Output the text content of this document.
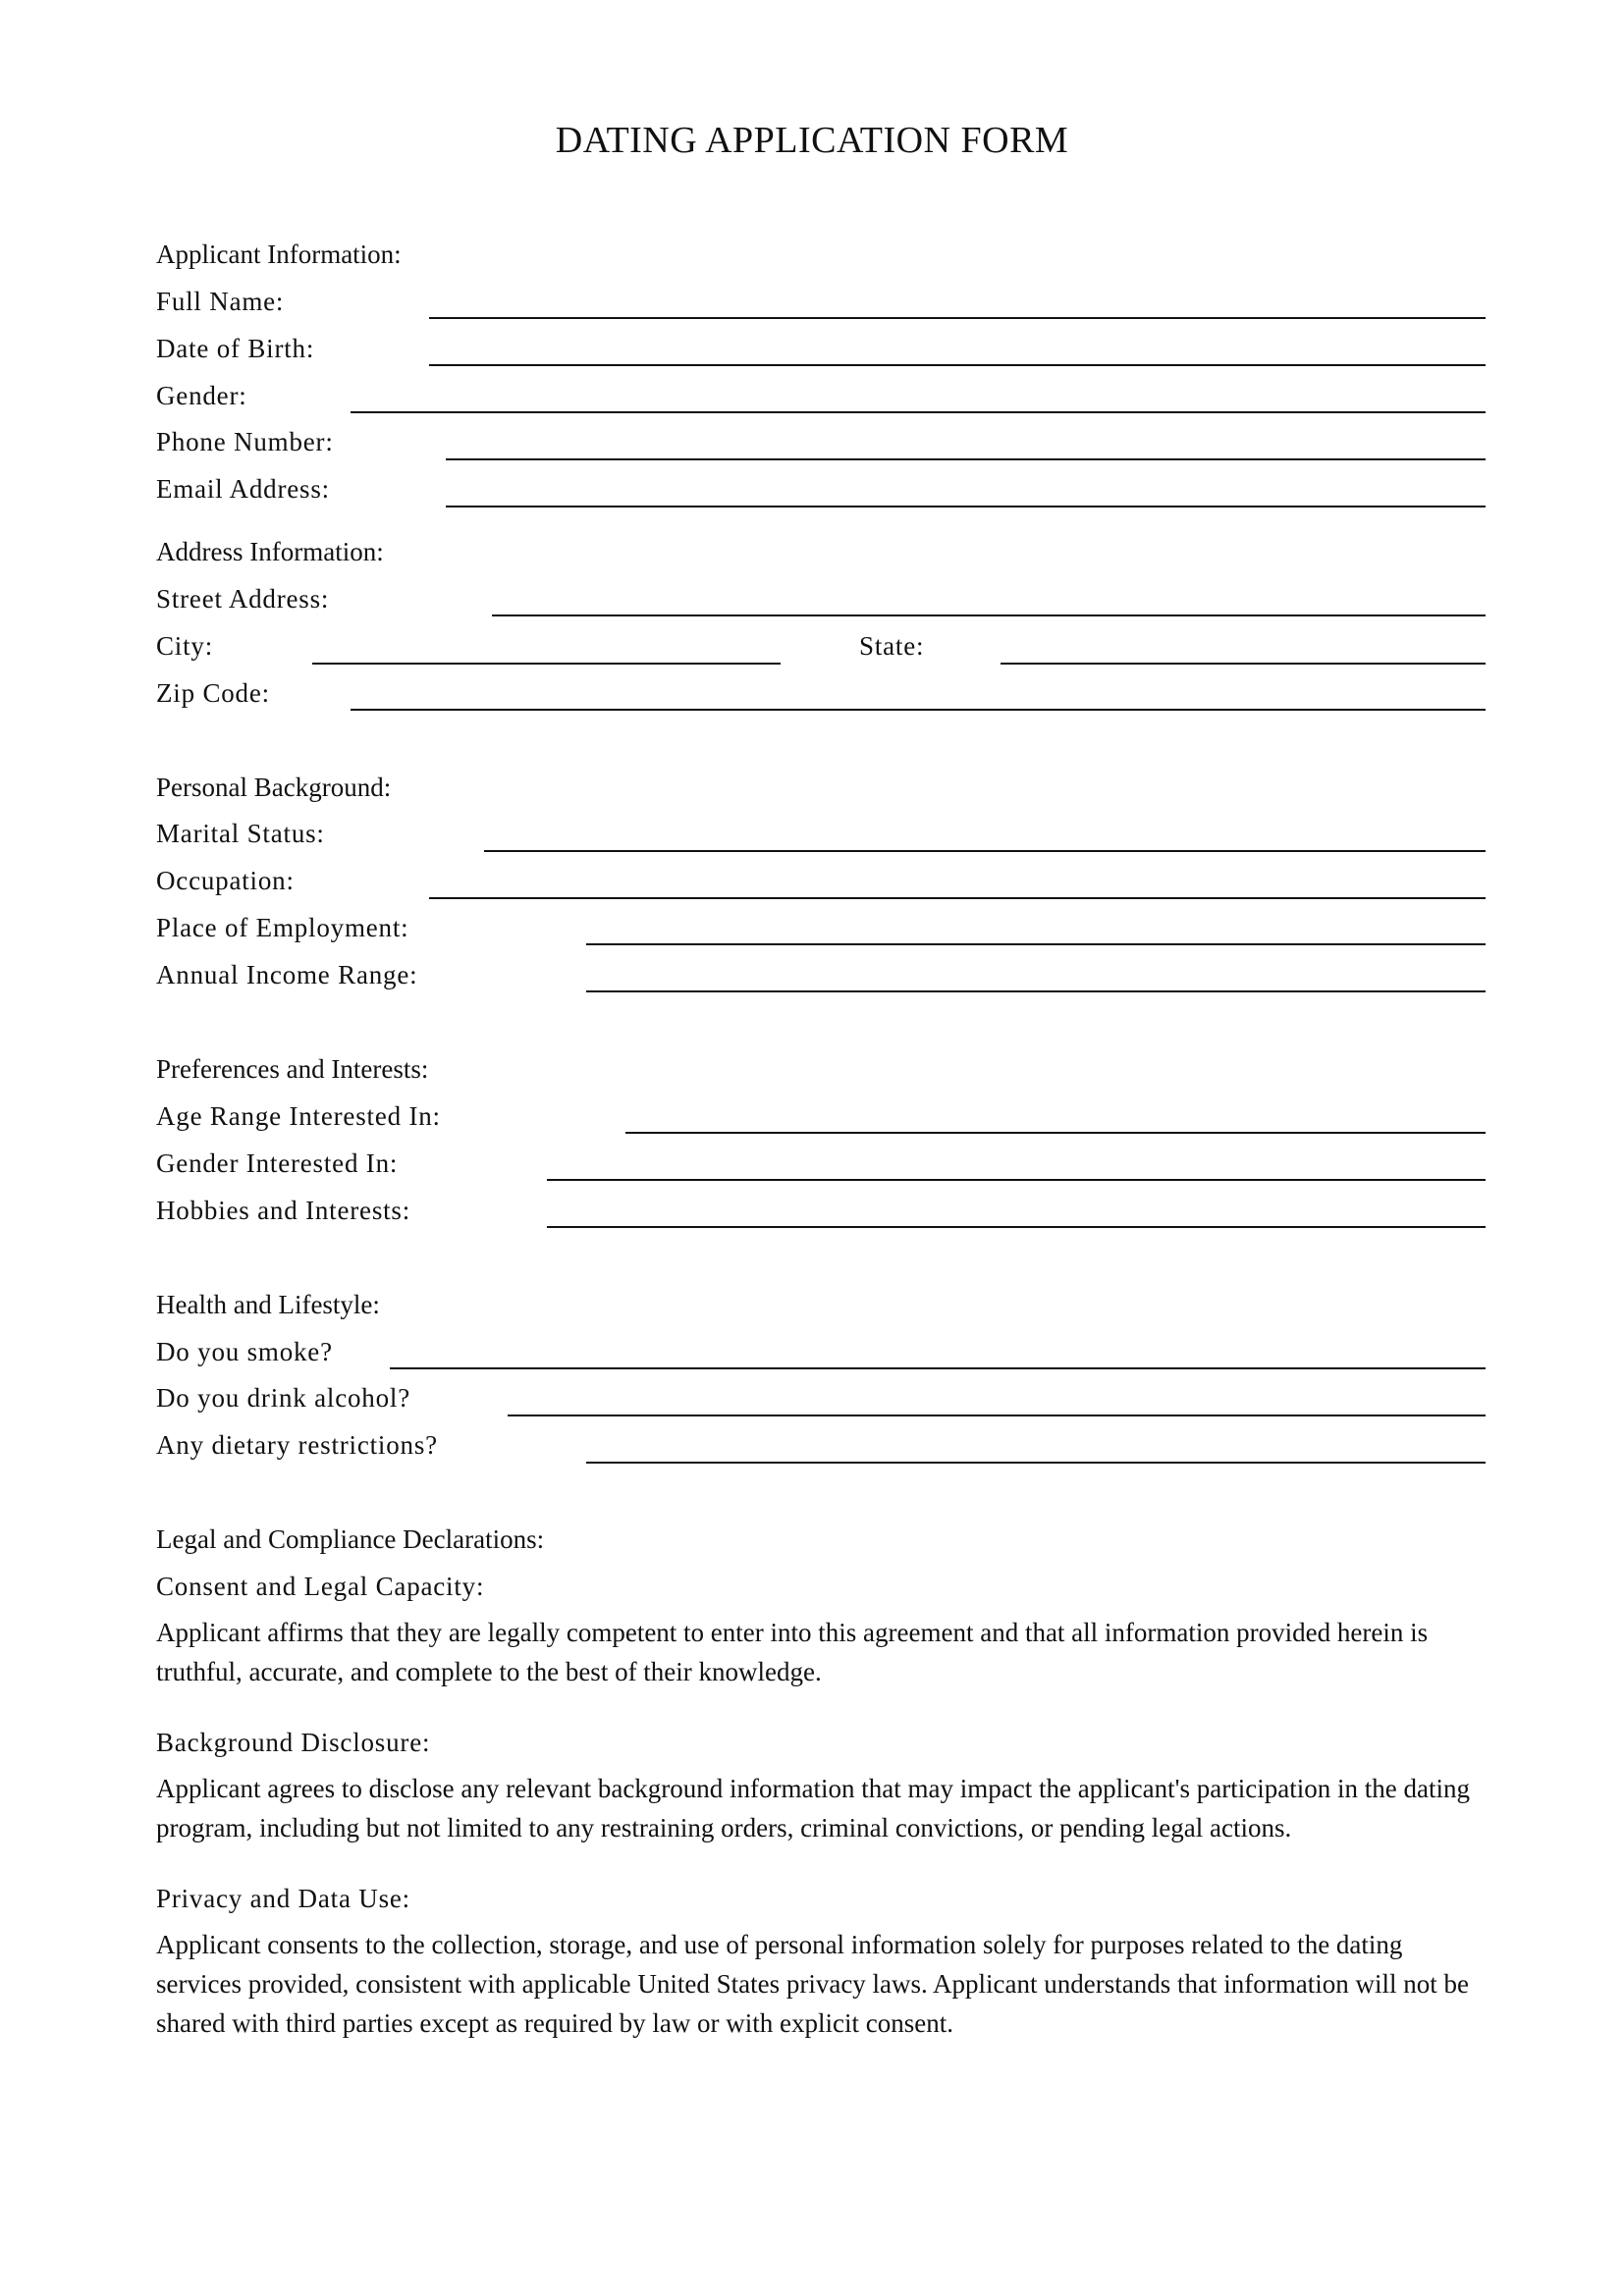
DATING APPLICATION FORM
Applicant Information:
Full Name:
Date of Birth:
Gender:
Phone Number:
Email Address:
Address Information:
Street Address:
City:	State:
Zip Code:
Personal Background:
Marital Status:
Occupation:
Place of Employment:
Annual Income Range:
Preferences and Interests:
Age Range Interested In:
Gender Interested In:
Hobbies and Interests:
Health and Lifestyle:
Do you smoke?
Do you drink alcohol?
Any dietary restrictions?
Legal and Compliance Declarations:
Consent and Legal Capacity:
Applicant affirms that they are legally competent to enter into this agreement and that all information provided herein is truthful, accurate, and complete to the best of their knowledge.
Background Disclosure:
Applicant agrees to disclose any relevant background information that may impact the applicant's participation in the dating program, including but not limited to any restraining orders, criminal convictions, or pending legal actions.
Privacy and Data Use:
Applicant consents to the collection, storage, and use of personal information solely for purposes related to the dating services provided, consistent with applicable United States privacy laws. Applicant understands that information will not be shared with third parties except as required by law or with explicit consent.
